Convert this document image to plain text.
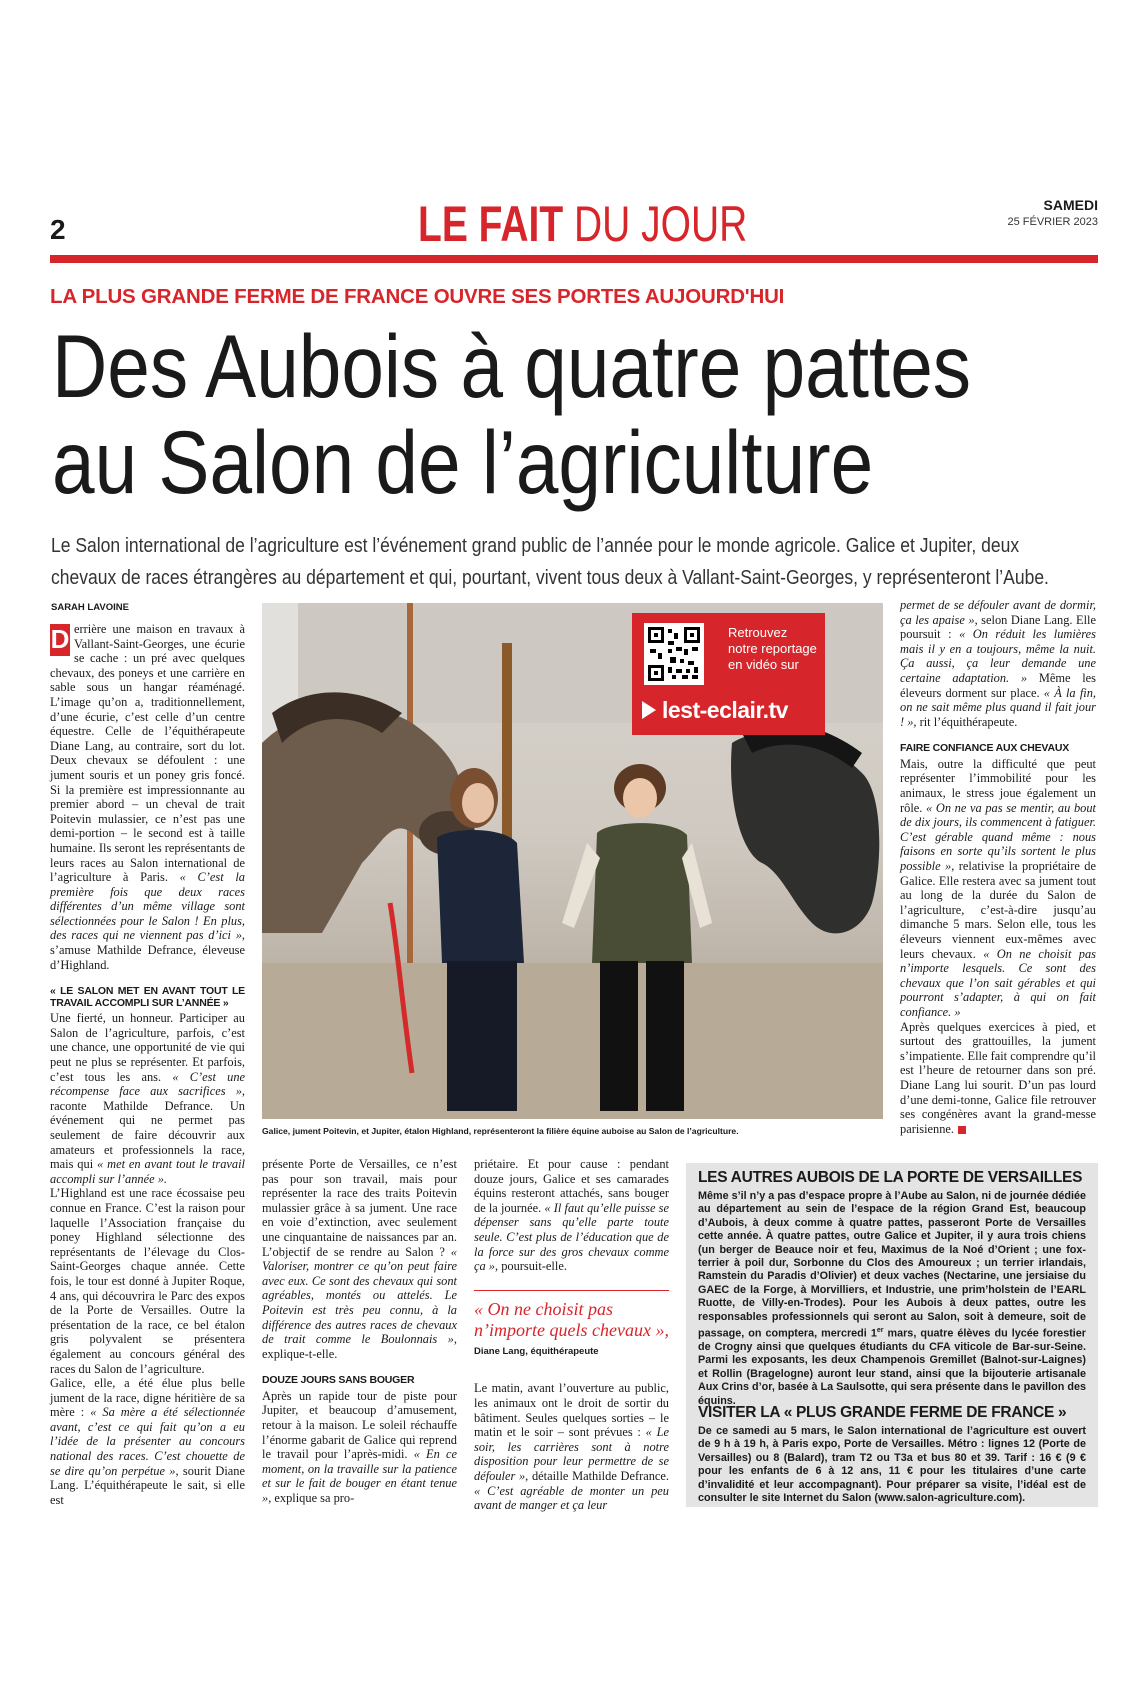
2	LE FAIT DU JOUR	SAMEDI
25 FÉVRIER 2023
LA PLUS GRANDE FERME DE FRANCE OUVRE SES PORTES AUJOURD'HUI
Des Aubois à quatre pattes
au Salon de l’agriculture
Le Salon international de l’agriculture est l’événement grand public de l’année pour le monde agricole. Galice et Jupiter, deux
chevaux de races étrangères au département et qui, pourtant, vivent tous deux à Vallant-Saint-Georges, y représenteront l’Aube.
SARAH LAVOINE
Retrouvez notre reportage en vidéo sur
lest-eclair.tv
Galice, jument Poitevin, et Jupiter, étalon Highland, représenteront la filière équine auboise au Salon de l’agriculture.

D errière une maison en travaux à Vallant-Saint-Georges, une écurie se cache : un pré avec quelques chevaux, des poneys et une carrière en sable sous un hangar réaménagé. L’image qu’on a, traditionnellement, d’une écurie, c’est celle d’un centre équestre. Celle de l’équithérapeute Diane Lang, au contraire, sort du lot. Deux chevaux se défoulent : une jument souris et un poney gris foncé. Si la première est impressionnante au premier abord – un cheval de trait Poitevin mulassier, ce n’est pas une demi-portion – le second est à taille humaine. Ils seront les représentants de leurs races au Salon international de l’agriculture à Paris. « C’est la première fois que deux races différentes d’un même village sont sélectionnées pour le Salon ! En plus, des races qui ne viennent pas d’ici », s’amuse Mathilde Defrance, éleveuse d’Highland.

« LE SALON MET EN AVANT TOUT LE TRAVAIL ACCOMPLI SUR L’ANNÉE »

Une fierté, un honneur. Participer au Salon de l’agriculture, parfois, c’est une chance, une opportunité de vie qui peut ne plus se représenter. Et parfois, c’est tous les ans. « C’est une récompense face aux sacrifices », raconte Mathilde Defrance. Un événement qui ne permet pas seulement de faire découvrir aux amateurs et professionnels la race, mais qui « met en avant tout le travail accompli sur l’année ».

L’Highland est une race écossaise peu connue en France. C’est la raison pour laquelle l’Association française du poney Highland sélectionne des représentants de l’élevage du Clos-Saint-Georges chaque année. Cette fois, le tour est donné à Jupiter Roque, 4 ans, qui découvrira le Parc des expos de la Porte de Versailles. Outre la présentation de la race, ce bel étalon gris polyvalent se présentera également au concours général des races du Salon de l’agriculture.

Galice, elle, a été élue plus belle jument de la race, digne héritière de sa mère : « Sa mère a été sélectionnée avant, c’est ce qui fait qu’on a eu l’idée de la présenter au concours national des races. C’est chouette de se dire qu’on perpétue », sourit Diane Lang. L’équithérapeute le sait, si elle est

présente Porte de Versailles, ce n’est pas pour son travail, mais pour représenter la race des traits Poitevin mulassier grâce à sa jument. Une race en voie d’extinction, avec seulement une cinquantaine de naissances par an. L’objectif de se rendre au Salon ? « Valoriser, montrer ce qu’on peut faire avec eux. Ce sont des chevaux qui sont agréables, montés ou attelés. Le Poitevin est très peu connu, à la différence des autres races de chevaux de trait comme le Boulonnais », explique-t-elle.

DOUZE JOURS SANS BOUGER

Après un rapide tour de piste pour Jupiter, et beaucoup d’amusement, retour à la maison. Le soleil réchauffe l’énorme gabarit de Galice qui reprend le travail pour l’après-midi. « En ce moment, on la travaille sur la patience et sur le fait de bouger en étant tenue », explique sa pro-

priétaire. Et pour cause : pendant douze jours, Galice et ses camarades équins resteront attachés, sans bouger de la journée. « Il faut qu’elle puisse se dépenser sans qu’elle parte toute seule. C’est plus de l’éducation que de la force sur des gros chevaux comme ça », poursuit-elle.

« On ne choisit pas n’importe quels chevaux »,
Diane Lang, équithérapeute

Le matin, avant l’ouverture au public, les animaux ont le droit de sortir du bâtiment. Seules quelques sorties – le matin et le soir – sont prévues : « Le soir, les carrières sont à notre disposition pour leur permettre de se défouler », détaille Mathilde Defrance. « C’est agréable de monter un peu avant de manger et ça leur

permet de se défouler avant de dormir, ça les apaise », selon Diane Lang. Elle poursuit : « On réduit les lumières mais il y en a toujours, même la nuit. Ça aussi, ça leur demande une certaine adaptation. » Même les éleveurs dorment sur place. « À la fin, on ne sait même plus quand il fait jour ! », rit l’équithérapeute.

FAIRE CONFIANCE AUX CHEVAUX

Mais, outre la difficulté que peut représenter l’immobilité pour les animaux, le stress joue également un rôle. « On ne va pas se mentir, au bout de dix jours, ils commencent à fatiguer. C’est gérable quand même : nous faisons en sorte qu’ils sortent le plus possible », relativise la propriétaire de Galice. Elle restera avec sa jument tout au long de la durée du Salon de l’agriculture, c’est-à-dire jusqu’au dimanche 5 mars. Selon elle, tous les éleveurs viennent eux-mêmes avec leurs chevaux. « On ne choisit pas n’importe lesquels. Ce sont des chevaux que l’on sait gérables et qui pourront s’adapter, à qui on fait confiance. »

Après quelques exercices à pied, et surtout des grattouilles, la jument s’impatiente. Elle fait comprendre qu’il est l’heure de retourner dans son pré. Diane Lang lui sourit. D’un pas lourd d’une demi-tonne, Galice file retrouver ses congénères avant la grand-messe parisienne.

LES AUTRES AUBOIS DE LA PORTE DE VERSAILLES
Même s’il n’y a pas d’espace propre à l’Aube au Salon, ni de journée dédiée au département au sein de l’espace de la région Grand Est, beaucoup d’Aubois, à deux comme à quatre pattes, passeront Porte de Versailles cette année. À quatre pattes, outre Galice et Jupiter, il y aura trois chiens (un berger de Beauce noir et feu, Maximus de la Noé d’Orient ; une fox-terrier à poil dur, Sorbonne du Clos des Amoureux ; un terrier irlandais, Ramstein du Paradis d’Olivier) et deux vaches (Nectarine, une jersiaise du GAEC de la Forge, à Morvilliers, et Industrie, une prim’holstein de l’EARL Ruotte, de Villy-en-Trodes). Pour les Aubois à deux pattes, outre les responsables professionnels qui seront au Salon, soit à demeure, soit de passage, on comptera, mercredi 1er mars, quatre élèves du lycée forestier de Crogny ainsi que quelques étudiants du CFA viticole de Bar-sur-Seine. Parmi les exposants, les deux Champenois Gremillet (Balnot-sur-Laignes) et Rollin (Bragelogne) auront leur stand, ainsi que la bijouterie artisanale Aux Crins d’or, basée à La Saulsotte, qui sera présente dans le pavillon des équins.
VISITER LA « PLUS GRANDE FERME DE FRANCE »
De ce samedi au 5 mars, le Salon international de l’agriculture est ouvert de 9 h à 19 h, à Paris expo, Porte de Versailles. Métro : lignes 12 (Porte de Versailles) ou 8 (Balard), tram T2 ou T3a et bus 80 et 39. Tarif : 16 € (9 € pour les enfants de 6 à 12 ans, 11 € pour les titulaires d’une carte d’invalidité et leur accompagnant). Pour préparer sa visite, l’idéal est de consulter le site Internet du Salon (www.salon-agriculture.com).
